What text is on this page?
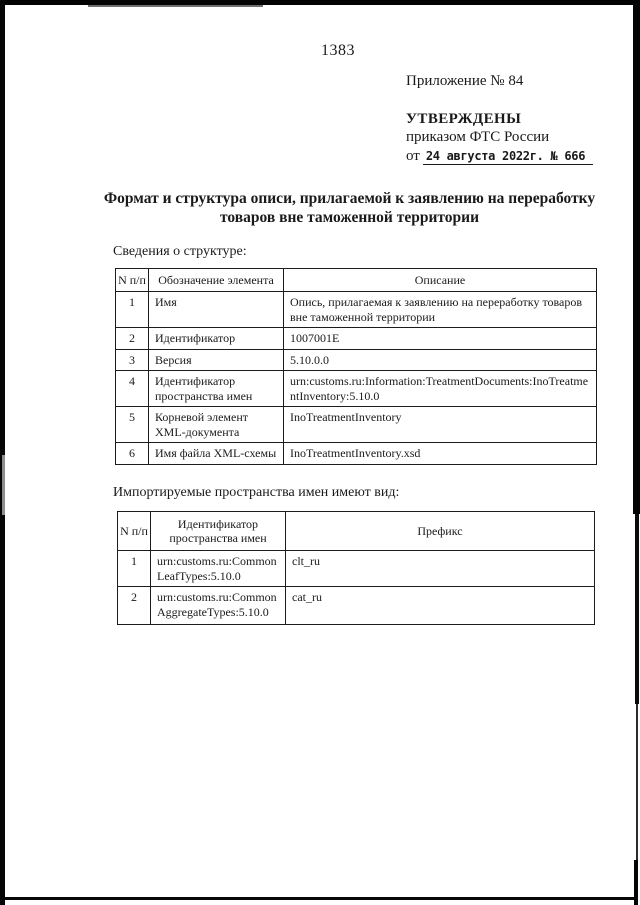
1383
Приложение № 84
УТВЕРЖДЕНЫ
приказом ФТС России
от 24 августа 2022г. № 666
Формат и структура описи, прилагаемой к заявлению на переработку товаров вне таможенной территории
Сведения о структуре:
N п/п	Обозначение элемента	Описание
1	Имя	Опись, прилагаемая к заявлению на переработку товаров вне таможенной территории
2	Идентификатор	1007001E
3	Версия	5.10.0.0
4	Идентификатор пространства имен	urn:customs.ru:Information:TreatmentDocuments:InoTreatmentInventory:5.10.0
5	Корневой элемент XML-документа	InoTreatmentInventory
6	Имя файла XML-схемы	InoTreatmentInventory.xsd
Импортируемые пространства имен имеют вид:
N п/п	Идентификатор пространства имен	Префикс
1	urn:customs.ru:CommonLeafTypes:5.10.0	clt_ru
2	urn:customs.ru:CommonAggregateTypes:5.10.0	cat_ru
